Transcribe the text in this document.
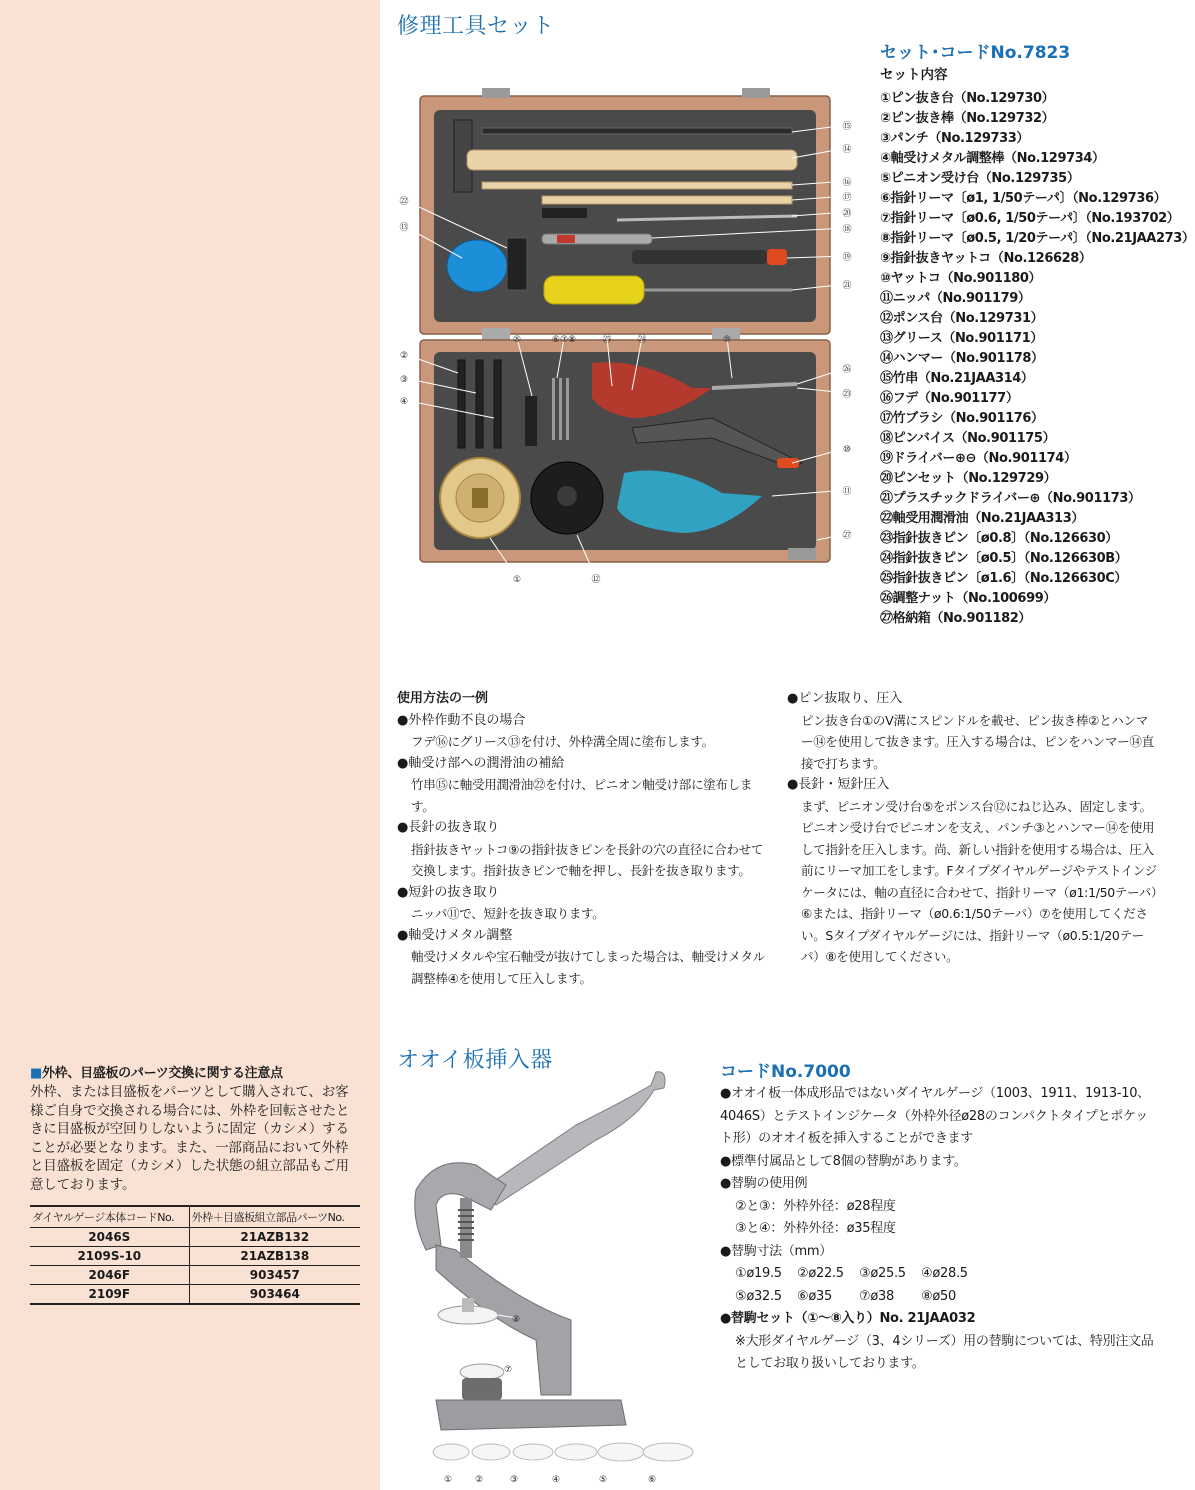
■外枠、目盛板のパーツ交換に関する注意点
外枠、または目盛板をパーツとして購入されて、お客様ご自身で交換される場合には、外枠を回転させたときに目盛板が空回りしないように固定（カシメ）することが必要となります。また、一部商品において外枠と目盛板を固定（カシメ）した状態の組立部品もご用意しております。
ダイヤルゲージ本体コードNo.	外枠＋目盛板組立部品パーツNo.
2046S	21AZB132
2109S-10	21AZB138
2046F	903457
2109F	903464
修理工具セット
セット･コードNo.7823
セット内容
①ピン抜き台（No.129730）
②ピン抜き棒（No.129732）
③パンチ（No.129733）
④軸受けメタル調整棒（No.129734）
⑤ピニオン受け台（No.129735）
⑥指針リーマ〔ø1, 1/50テーパ〕（No.129736）
⑦指針リーマ〔ø0.6, 1/50テーパ〕（No.193702）
⑧指針リーマ〔ø0.5, 1/20テーパ〕（No.21JAA273）
⑨指針抜きヤットコ（No.126628）
⑩ヤットコ（No.901180）
⑪ニッパ（No.901179）
⑫ポンス台（No.129731）
⑬グリース（No.901171）
⑭ハンマー（No.901178）
⑮竹串（No.21JAA314）
⑯フデ（No.901177）
⑰竹ブラシ（No.901176）
⑱ピンバイス（No.901175）
⑲ドライバー⊕⊖（No.901174）
⑳ピンセット（No.129729）
㉑プラスチックドライバー⊕（No.901173）
㉒軸受用潤滑油（No.21JAA313）
㉓指針抜きピン〔ø0.8〕（No.126630）
㉔指針抜きピン〔ø0.5〕（No.126630B）
㉕指針抜きピン〔ø1.6〕（No.126630C）
㉖調整ナット（No.100699）
㉗格納箱（No.901182）
⑮
⑭
⑯
⑰
⑳
⑱
⑲
㉑
㉒
⑬
②
③
④
⑤	⑥⑦⑧	㉕	㉔	⑨
㉖
㉓
⑩
⑪
㉗
①	⑫
使用方法の一例
●外枠作動不良の場合
フデ⑯にグリース⑬を付け、外枠溝全周に塗布します。
●軸受け部への潤滑油の補給
竹串⑮に軸受用潤滑油㉒を付け、ピニオン軸受け部に塗布します。
●長針の抜き取り
指針抜きヤットコ⑨の指針抜きピンを長針の穴の直径に合わせて交換します。指針抜きピンで軸を押し、長針を抜き取ります。
●短針の抜き取り
ニッパ⑪で、短針を抜き取ります。
●軸受けメタル調整
軸受けメタルや宝石軸受が抜けてしまった場合は、軸受けメタル調整棒④を使用して圧入します。
●ピン抜取り、圧入
ピン抜き台①のV溝にスピンドルを載せ、ピン抜き棒②とハンマー⑭を使用して抜きます。圧入する場合は、ピンをハンマー⑭直接で打ちます。
●長針・短針圧入
まず、ピニオン受け台⑤をポンス台⑫にねじ込み、固定します。ピニオン受け台でピニオンを支え、パンチ③とハンマー⑭を使用して指針を圧入します。尚、新しい指針を使用する場合は、圧入前にリーマ加工をします。Fタイプダイヤルゲージやテストインジケータには、軸の直径に合わせて、指針リーマ（ø1:1/50テーパ）⑥または、指針リーマ（ø0.6:1/50テーパ）⑦を使用してください。Sタイプダイヤルゲージには、指針リーマ（ø0.5:1/20テーパ）⑧を使用してください。
オオイ板挿入器	コードNo.7000
●オオイ板一体成形品ではないダイヤルゲージ（1003、1911、1913-10、4046S）とテストインジケータ（外枠外径ø28のコンパクトタイプとポケット形）のオオイ板を挿入することができます
●標準付属品として8個の替駒があります。
●替駒の使用例
②と③：外枠外径：ø28程度
③と④：外枠外径：ø35程度
●替駒寸法（mm）
①ø19.5 ②ø22.5 ③ø25.5 ④ø28.5
⑤ø32.5 ⑥ø35 ⑦ø38 ⑧ø50
●替駒セット（①～⑧入り）No. 21JAA032
※大形ダイヤルゲージ（3、4シリーズ）用の替駒については、特別注文品としてお取り扱いしております。
⑧
⑦
①	②	③	④	⑤	⑥
